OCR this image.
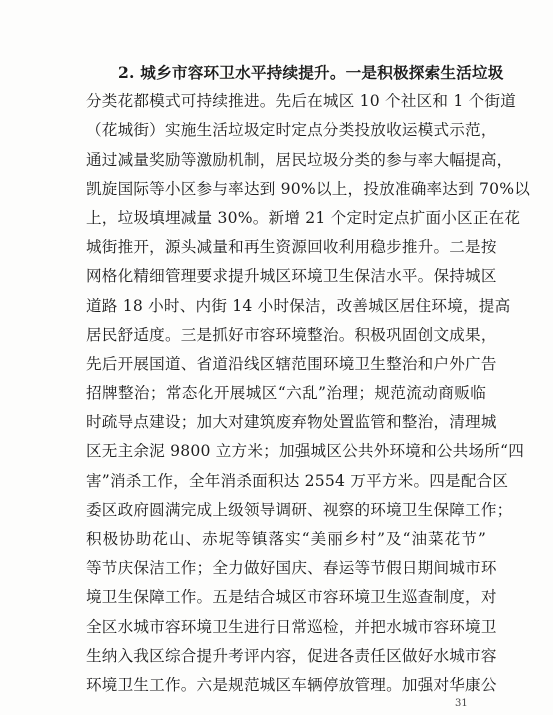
2. 城乡市容环卫水平持续提升。一是积极探索生活垃圾
分类花都模式可持续推进。先后在城区 10 个社区和 1 个街道
（花城街）实施生活垃圾定时定点分类投放收运模式示范，
通过减量奖励等激励机制，居民垃圾分类的参与率大幅提高，
凯旋国际等小区参与率达到 90%以上，投放准确率达到 70%以
上，垃圾填埋减量 30%。新增 21 个定时定点扩面小区正在花
城街推开，源头减量和再生资源回收利用稳步推升。二是按
网格化精细管理要求提升城区环境卫生保洁水平。保持城区
道路 18 小时、内街 14 小时保洁，改善城区居住环境，提高
居民舒适度。三是抓好市容环境整治。积极巩固创文成果，
先后开展国道、省道沿线区辖范围环境卫生整治和户外广告
招牌整治；常态化开展城区“六乱”治理；规范流动商贩临
时疏导点建设；加大对建筑废弃物处置监管和整治，清理城
区无主余泥 9800 立方米；加强城区公共外环境和公共场所“四
害”消杀工作，全年消杀面积达 2554 万平方米。四是配合区
委区政府圆满完成上级领导调研、视察的环境卫生保障工作；
积极协助花山、赤坭等镇落实“美丽乡村”及“油菜花节”
等节庆保洁工作；全力做好国庆、春运等节假日期间城市环
境卫生保障工作。五是结合城区市容环境卫生巡查制度，对
全区水城市容环境卫生进行日常巡检，并把水城市容环境卫
生纳入我区综合提升考评内容，促进各责任区做好水城市容
环境卫生工作。六是规范城区车辆停放管理。加强对华康公
31
